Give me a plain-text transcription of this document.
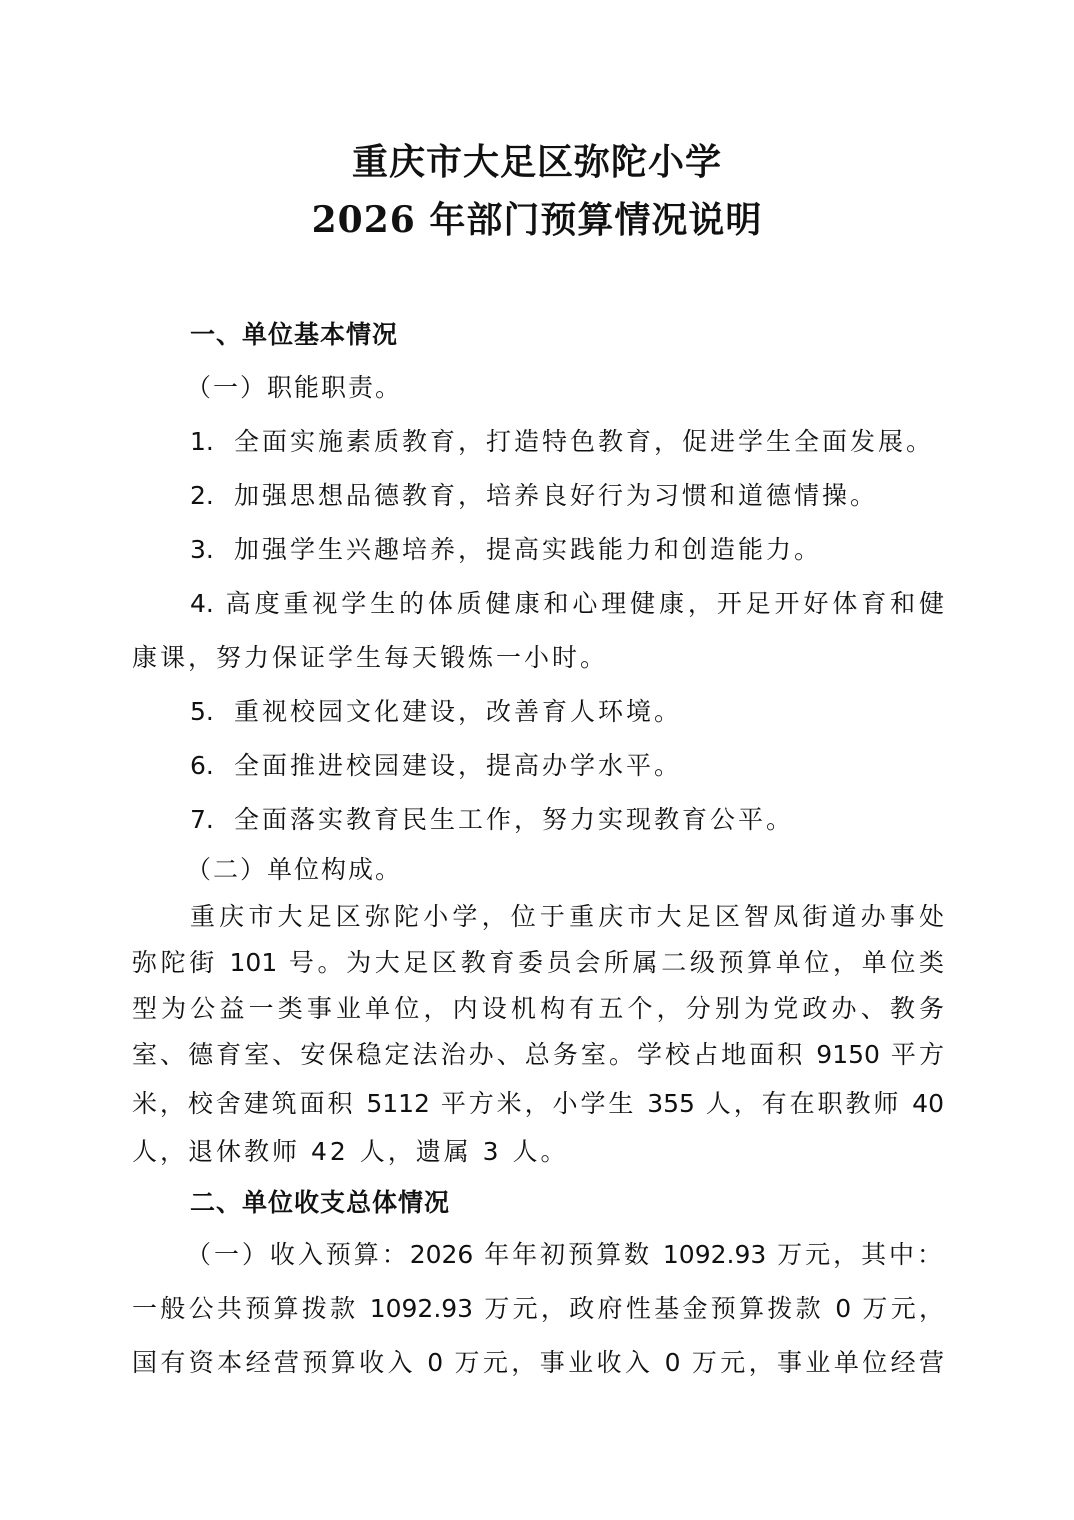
重庆市大足区弥陀小学
2026 年部门预算情况说明
一、单位基本情况
（一）职能职责。
1. 全面实施素质教育，打造特色教育，促进学生全面发展。
2. 加强思想品德教育，培养良好行为习惯和道德情操。
3. 加强学生兴趣培养，提高实践能力和创造能力。
4. 高度重视学生的体质健康和心理健康，开足开好体育和健
康课，努力保证学生每天锻炼一小时。
5. 重视校园文化建设，改善育人环境。
6. 全面推进校园建设，提高办学水平。
7. 全面落实教育民生工作，努力实现教育公平。
（二）单位构成。
重庆市大足区弥陀小学，位于重庆市大足区智凤街道办事处
弥陀街 101 号。为大足区教育委员会所属二级预算单位，单位类
型为公益一类事业单位，内设机构有五个，分别为党政办、教务
室、德育室、安保稳定法治办、总务室。学校占地面积 9150 平方
米，校舍建筑面积 5112 平方米，小学生 355 人，有在职教师 40
人，退休教师 42 人，遗属 3 人。
二、单位收支总体情况
（一）收入预算：2026 年年初预算数 1092.93 万元，其中：
一般公共预算拨款 1092.93 万元，政府性基金预算拨款 0 万元，
国有资本经营预算收入 0 万元，事业收入 0 万元，事业单位经营
